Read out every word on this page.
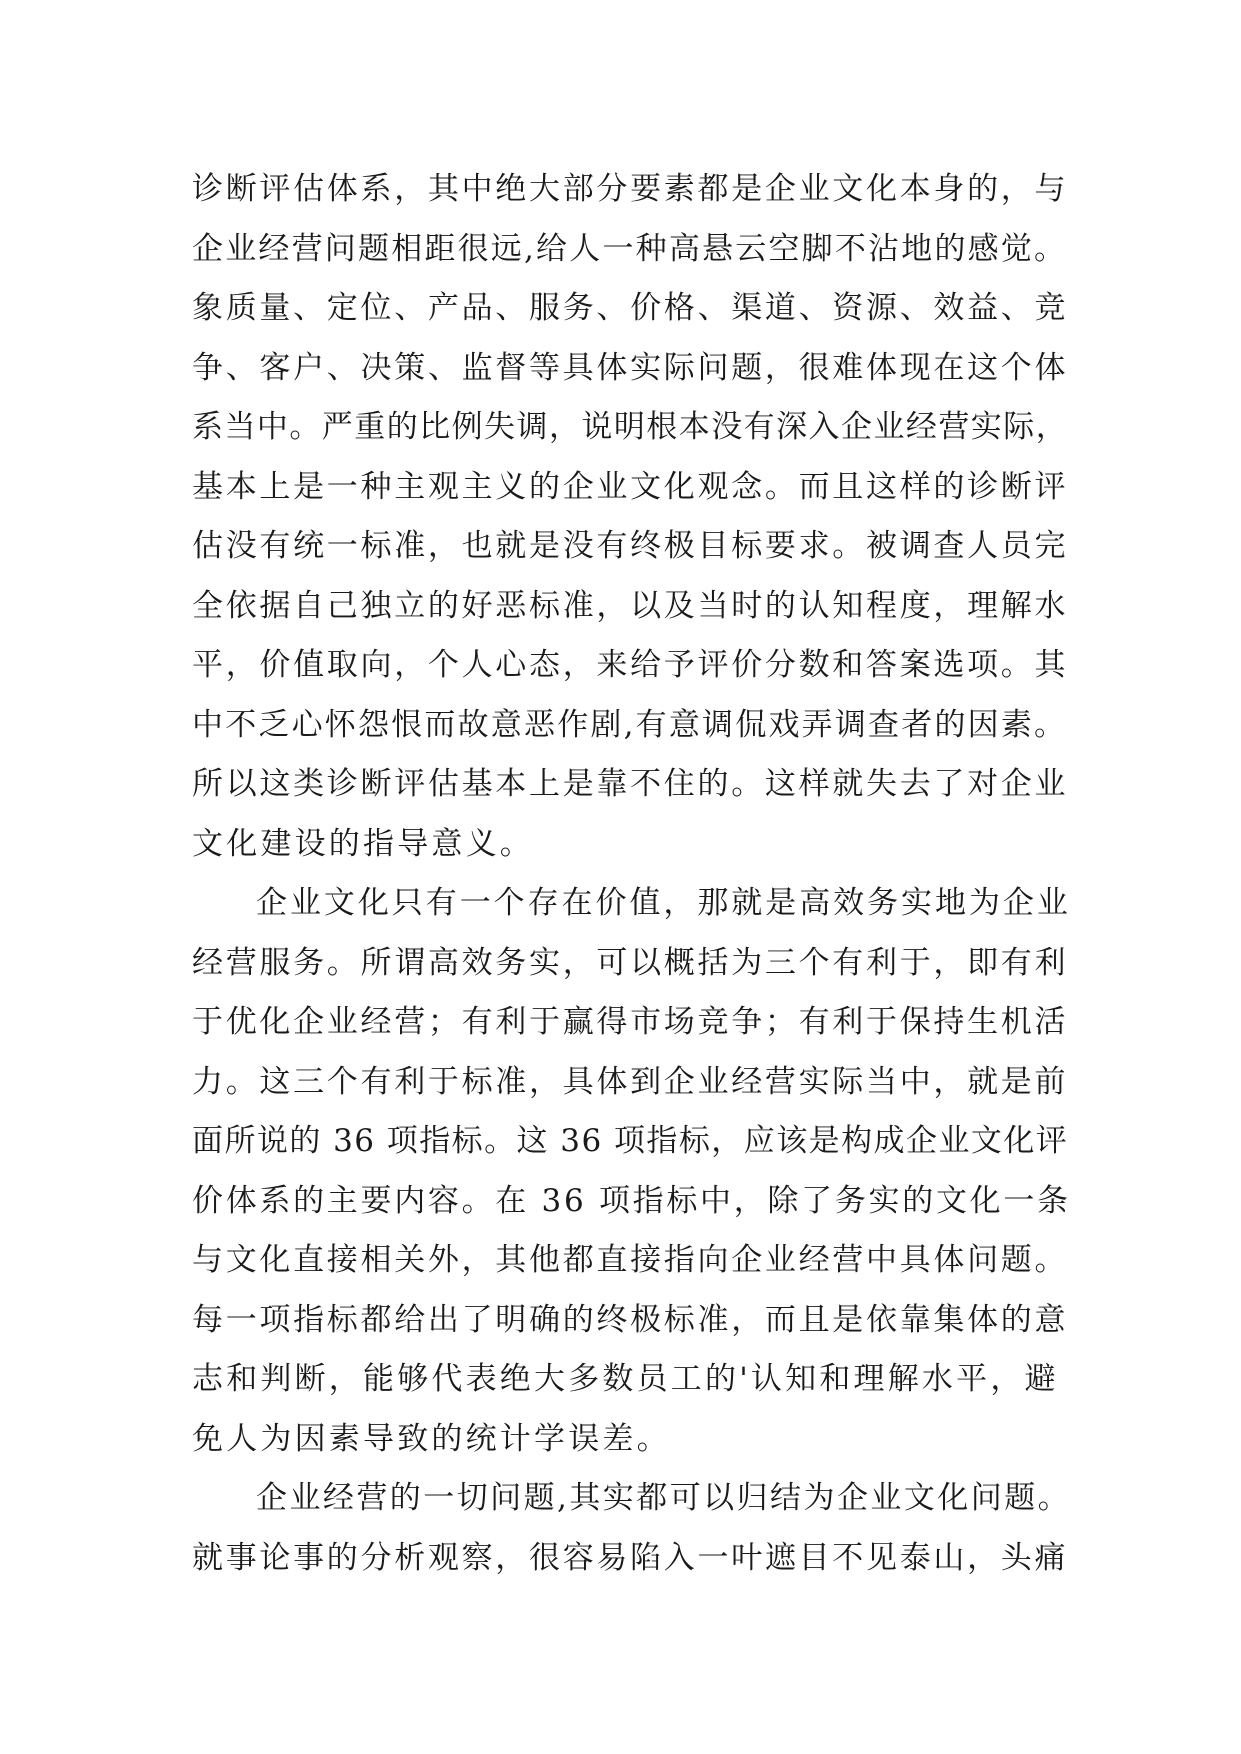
诊断评估体系，其中绝大部分要素都是企业文化本身的，与
企业经营问题相距很远,给人一种高悬云空脚不沾地的感觉。
象质量、定位、产品、服务、价格、渠道、资源、效益、竞
争、客户、决策、监督等具体实际问题，很难体现在这个体
系当中。严重的比例失调，说明根本没有深入企业经营实际，
基本上是一种主观主义的企业文化观念。而且这样的诊断评
估没有统一标准，也就是没有终极目标要求。被调查人员完
全依据自己独立的好恶标准，以及当时的认知程度，理解水
平，价值取向，个人心态，来给予评价分数和答案选项。其
中不乏心怀怨恨而故意恶作剧,有意调侃戏弄调查者的因素。
所以这类诊断评估基本上是靠不住的。这样就失去了对企业
文化建设的指导意义。
企业文化只有一个存在价值，那就是高效务实地为企业
经营服务。所谓高效务实，可以概括为三个有利于，即有利
于优化企业经营；有利于赢得市场竞争；有利于保持生机活
力。这三个有利于标准，具体到企业经营实际当中，就是前
面所说的 36 项指标。这 36 项指标，应该是构成企业文化评
价体系的主要内容。在 36 项指标中，除了务实的文化一条
与文化直接相关外，其他都直接指向企业经营中具体问题。
每一项指标都给出了明确的终极标准，而且是依靠集体的意
志和判断，能够代表绝大多数员工的'认知和理解水平，避
免人为因素导致的统计学误差。
企业经营的一切问题,其实都可以归结为企业文化问题。
就事论事的分析观察，很容易陷入一叶遮目不见泰山，头痛
